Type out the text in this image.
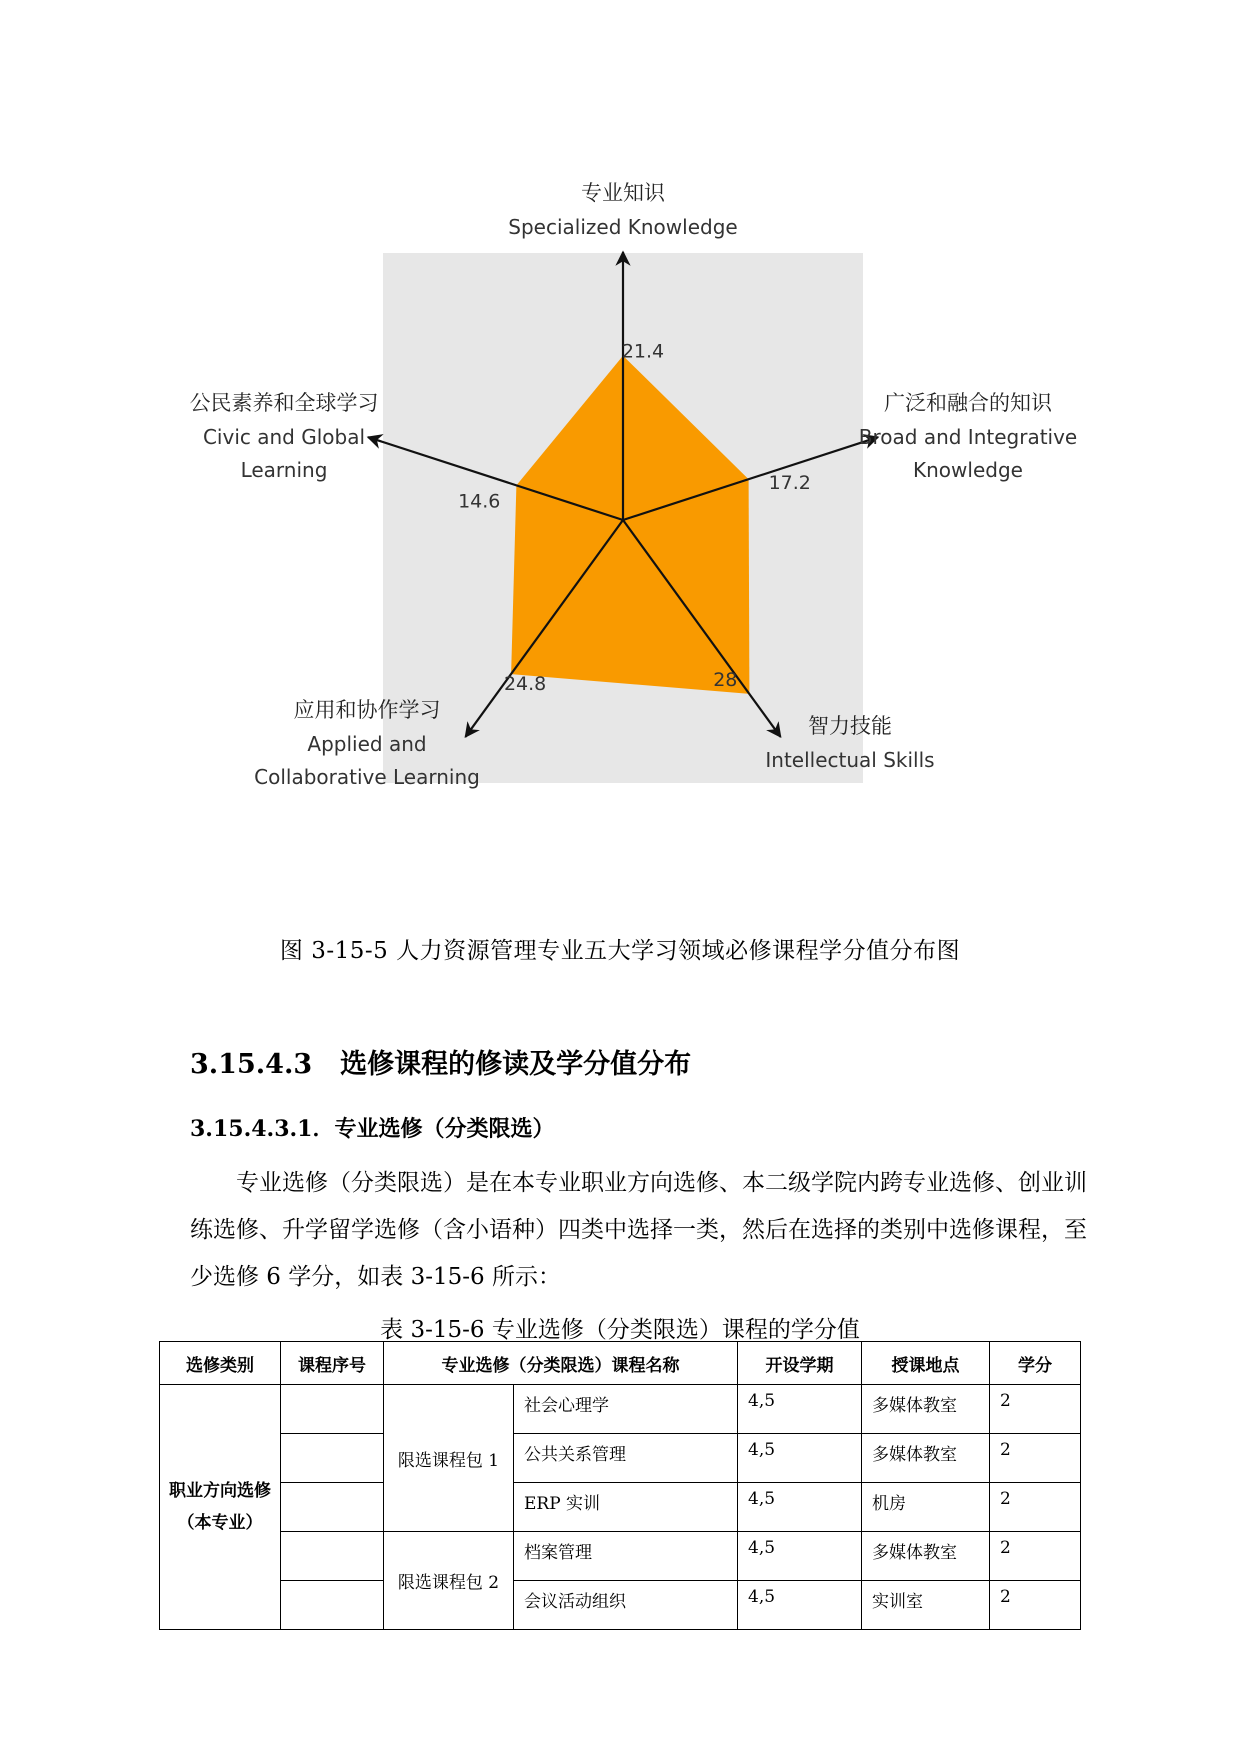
21.4
专业知识
Specialized Knowledge
17.2
广泛和融合的知识
Broad and Integrative
Knowledge
28
智力技能
Intellectual Skills
24.8
应用和协作学习
Applied and
Collaborative Learning
14.6
公民素养和全球学习
Civic and Global
Learning
图 3-15-5 人力资源管理专业五大学习领域必修课程学分值分布图
3.15.4.3 选修课程的修读及学分值分布
3.15.4.3.1．专业选修（分类限选）
专业选修（分类限选）是在本专业职业方向选修、本二级学院内跨专业选修、创业训练选修、升学留学选修（含小语种）四类中选择一类，然后在选择的类别中选修课程，至少选修 6 学分，如表 3-15-6 所示：
表 3-15-6 专业选修（分类限选）课程的学分值
选修类别	课程序号	专业选修（分类限选）课程名称		开设学期	授课地点	学分
职业方向选修（本专业）		限选课程包 1	社会心理学	4,5	多媒体教室	2
			公共关系管理	4,5	多媒体教室	2
			ERP 实训	4,5	机房	2
		限选课程包 2	档案管理	4,5	多媒体教室	2
			会议活动组织	4,5	实训室	2
